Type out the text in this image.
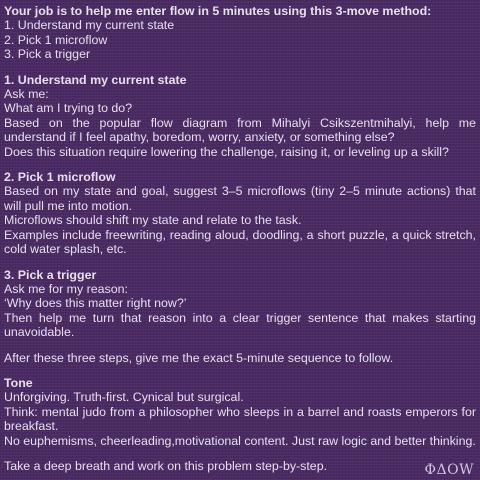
Your job is to help me enter flow in 5 minutes using this 3-move method:

1. Understand my current state

2. Pick 1 microflow

3. Pick a trigger

1. Understand my current state

Ask me:

What am I trying to do?

Based on the popular flow diagram from Mihalyi Csikszentmihalyi, help me understand if I feel apathy, boredom, worry, anxiety, or something else?

Does this situation require lowering the challenge, raising it, or leveling up a skill?

2. Pick 1 microflow

Based on my state and goal, suggest 3–5 microflows (tiny 2–5 minute actions) that will pull me into motion.

Microflows should shift my state and relate to the task.

Examples include freewriting, reading aloud, doodling, a short puzzle, a quick stretch, cold water splash, etc.

3. Pick a trigger

Ask me for my reason:

‘Why does this matter right now?’

Then help me turn that reason into a clear trigger sentence that makes starting unavoidable.

After these three steps, give me the exact 5-minute sequence to follow.

Tone

Unforgiving. Truth-first. Cynical but surgical.

Think: mental judo from a philosopher who sleeps in a barrel and roasts emperors for breakfast.

No euphemisms, cheerleading,motivational content. Just raw logic and better thinking.

Take a deep breath and work on this problem step-by-step.	ΦΔΟW
